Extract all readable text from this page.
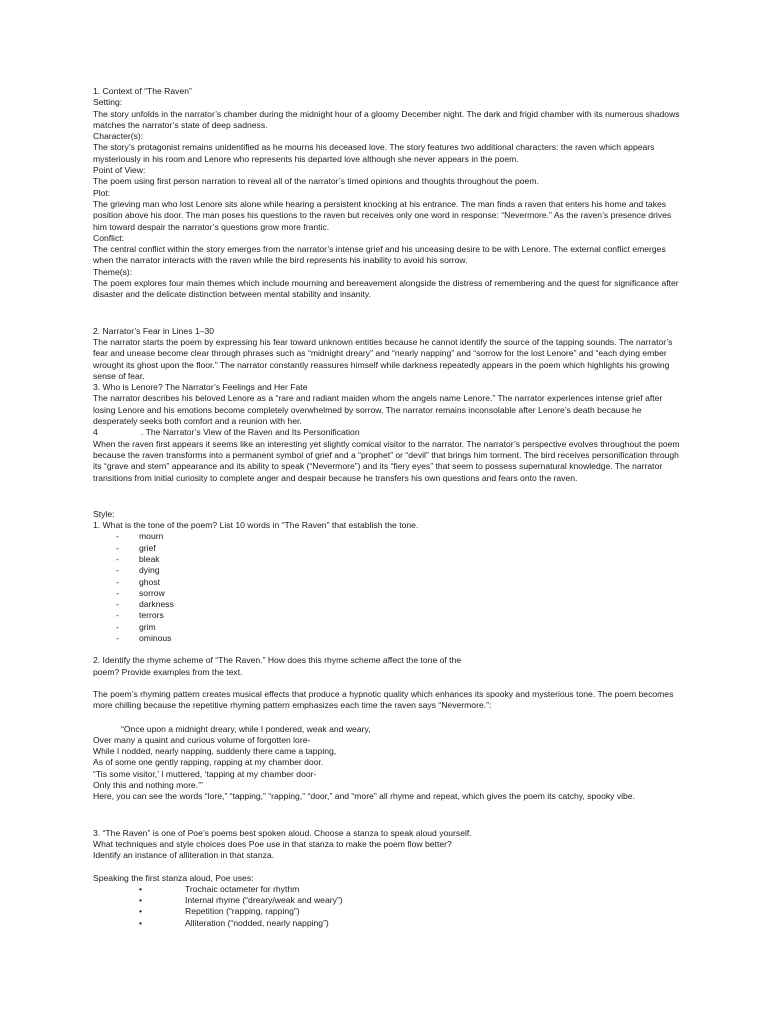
1. Context of “The Raven”

Setting:

The story unfolds in the narrator’s chamber during the midnight hour of a gloomy December night. The dark and frigid chamber with its numerous shadows matches the narrator’s state of deep sadness.

Character(s):

The story’s protagonist remains unidentified as he mourns his deceased love. The story features two additional characters: the raven which appears mysteriously in his room and Lenore who represents his departed love although she never appears in the poem.

Point of View:

The poem using first person narration to reveal all of the narrator’s timed opinions and thoughts throughout the poem.

Plot:

The grieving man who lost Lenore sits alone while hearing a persistent knocking at his entrance. The man finds a raven that enters his home and takes position above his door. The man poses his questions to the raven but receives only one word in response: “Nevermore.” As the raven’s presence drives him toward despair the narrator’s questions grow more frantic.

Conflict:

The central conflict within the story emerges from the narrator’s intense grief and his unceasing desire to be with Lenore. The external conflict emerges when the narrator interacts with the raven while the bird represents his inability to avoid his sorrow.

Theme(s):

The poem explores four main themes which include mourning and bereavement alongside the distress of remembering and the quest for significance after disaster and the delicate distinction between mental stability and insanity.

2. Narrator’s Fear in Lines 1–30

The narrator starts the poem by expressing his fear toward unknown entities because he cannot identify the source of the tapping sounds. The narrator’s fear and unease become clear through phrases such as “midnight dreary” and “nearly napping” and “sorrow for the lost Lenore” and “each dying ember wrought its ghost upon the floor.” The narrator constantly reassures himself while darkness repeatedly appears in the poem which highlights his growing sense of fear.

3. Who is Lenore? The Narrator’s Feelings and Her Fate

The narrator describes his beloved Lenore as a “rare and radiant maiden whom the angels name Lenore.” The narrator experiences intense grief after losing Lenore and his emotions become completely overwhelmed by sorrow. The narrator remains inconsolable after Lenore’s death because he desperately seeks both comfort and a reunion with her.

4	. The Narrator’s View of the Raven and Its Personification

When the raven first appears it seems like an interesting yet slightly comical visitor to the narrator. The narrator’s perspective evolves throughout the poem because the raven transforms into a permanent symbol of grief and a “prophet” or “devil” that brings him torment. The bird receives personification through its “grave and stern” appearance and its ability to speak (“Nevermore”) and its “fiery eyes” that seem to possess supernatural knowledge. The narrator transitions from initial curiosity to complete anger and despair because he transfers his own questions and fears onto the raven.

Style:

1. What is the tone of the poem? List 10 words in “The Raven” that establish the tone.

-	mourn
-	grief
-	bleak
-	dying
-	ghost
-	sorrow
-	darkness
-	terrors
-	grim
-	ominous

2. Identify the rhyme scheme of “The Raven.” How does this rhyme scheme affect the tone of the

poem? Provide examples from the text.

The poem’s rhyming pattern creates musical effects that produce a hypnotic quality which enhances its spooky and mysterious tone. The poem becomes more chilling because the repetitive rhyming pattern emphasizes each time the raven says “Nevermore.”:

“Once upon a midnight dreary, while I pondered, weak and weary,

Over many a quaint and curious volume of forgotten lore-

While I nodded, nearly napping, suddenly there came a tapping,

As of some one gently rapping, rapping at my chamber door.

“Tis some visitor,’ I muttered, ‘tapping at my chamber door-

Only this and nothing more.’”

Here, you can see the words “lore,” “tapping,” “rapping,” “door,” and “more” all rhyme and repeat, which gives the poem its catchy, spooky vibe.

3. “The Raven” is one of Poe’s poems best spoken aloud. Choose a stanza to speak aloud yourself.

What techniques and style choices does Poe use in that stanza to make the poem flow better?

Identify an instance of alliteration in that stanza.

Speaking the first stanza aloud, Poe uses:

•	Trochaic octameter for rhythm
•	Internal rhyme (“dreary/weak and weary”)
•	Repetition (“rapping, rapping”)
•	Alliteration (“nodded, nearly napping”)
